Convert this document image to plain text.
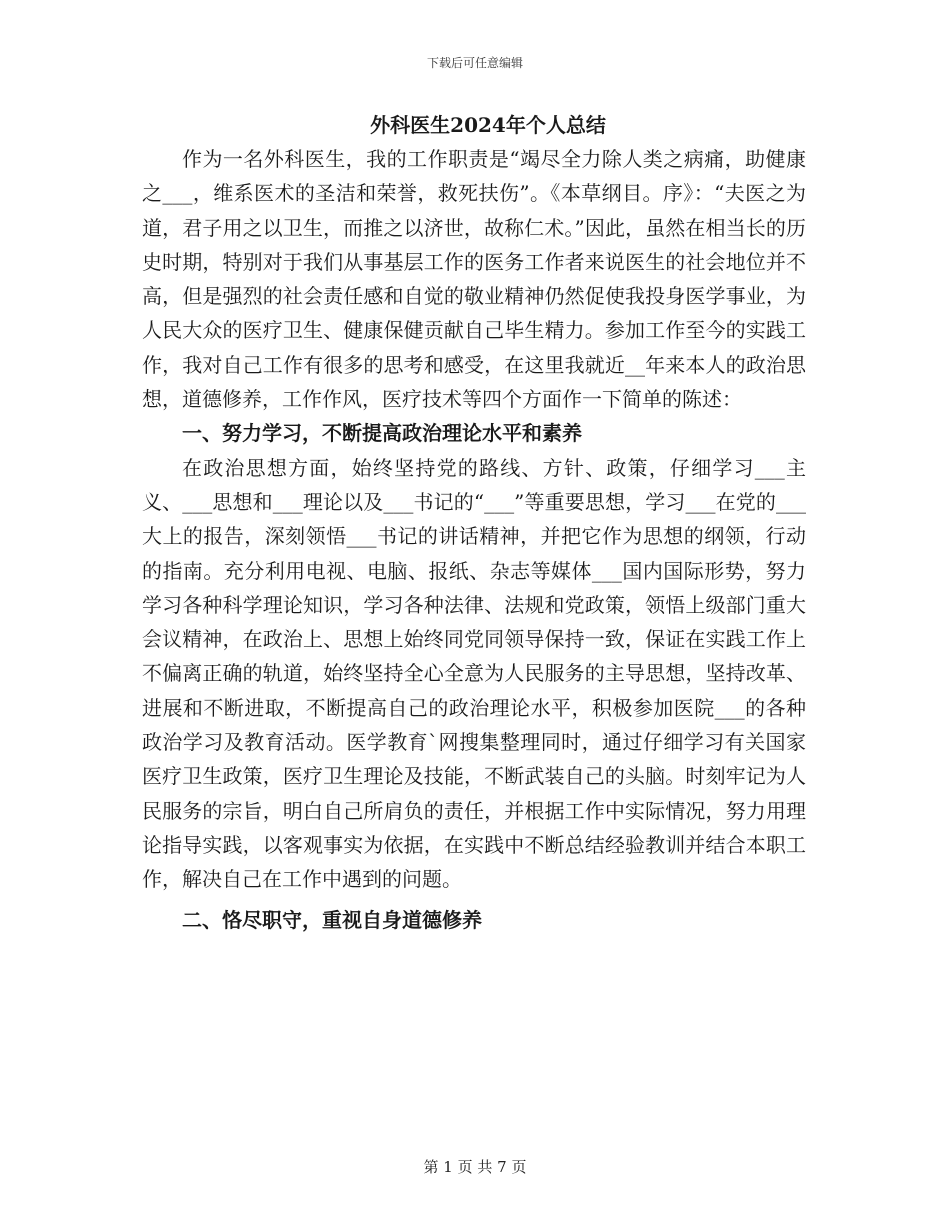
下载后可任意编辑
外科医生2024年个人总结

作为一名外科医生，我的工作职责是“竭尽全力除人类之病痛，助健康之___，维系医术的圣洁和荣誉，救死扶伤”。《本草纲目。序》：“夫医之为道，君子用之以卫生，而推之以济世，故称仁术。”因此，虽然在相当长的历史时期，特别对于我们从事基层工作的医务工作者来说医生的社会地位并不高，但是强烈的社会责任感和自觉的敬业精神仍然促使我投身医学事业，为人民大众的医疗卫生、健康保健贡献自己毕生精力。参加工作至今的实践工作，我对自己工作有很多的思考和感受，在这里我就近__年来本人的政治思想，道德修养，工作作风，医疗技术等四个方面作一下简单的陈述：

一、努力学习，不断提高政治理论水平和素养

在政治思想方面，始终坚持党的路线、方针、政策，仔细学习___主义、___思想和___理论以及___书记的“___”等重要思想，学习___在党的___大上的报告，深刻领悟___书记的讲话精神，并把它作为思想的纲领，行动的指南。充分利用电视、电脑、报纸、杂志等媒体___国内国际形势，努力学习各种科学理论知识，学习各种法律、法规和党政策，领悟上级部门重大会议精神，在政治上、思想上始终同党同领导保持一致，保证在实践工作上不偏离正确的轨道，始终坚持全心全意为人民服务的主导思想，坚持改革、进展和不断进取，不断提高自己的政治理论水平，积极参加医院___的各种政治学习及教育活动。医学教育`网搜集整理同时，通过仔细学习有关国家医疗卫生政策，医疗卫生理论及技能，不断武装自己的头脑。时刻牢记为人民服务的宗旨，明白自己所肩负的责任，并根据工作中实际情况，努力用理论指导实践，以客观事实为依据，在实践中不断总结经验教训并结合本职工作，解决自己在工作中遇到的问题。

二、恪尽职守，重视自身道德修养

第 1 页 共 7 页
